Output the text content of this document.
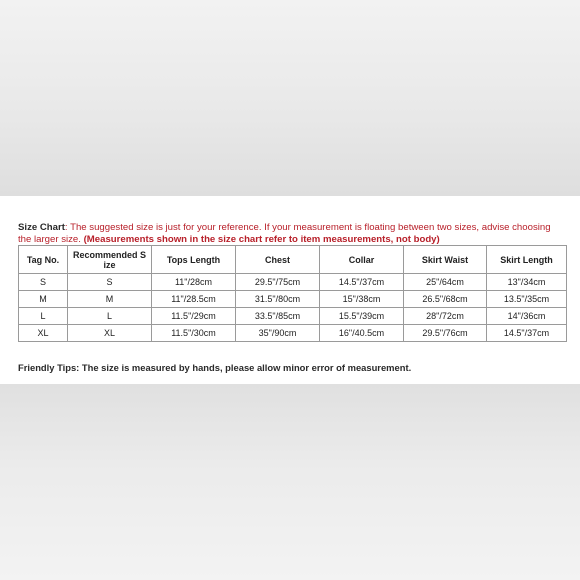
Size Chart: The suggested size is just for your reference. If your measurement is floating between two sizes, advise choosing the larger size. (Measurements shown in the size chart refer to item measurements, not body)
Tag No.	Recommended S ize	Tops Length	Chest	Collar	Skirt Waist	Skirt Length
S	S	11"/28cm	29.5"/75cm	14.5"/37cm	25"/64cm	13"/34cm
M	M	11"/28.5cm	31.5"/80cm	15"/38cm	26.5"/68cm	13.5"/35cm
L	L	11.5"/29cm	33.5"/85cm	15.5"/39cm	28"/72cm	14"/36cm
XL	XL	11.5"/30cm	35"/90cm	16"/40.5cm	29.5"/76cm	14.5"/37cm
Friendly Tips: The size is measured by hands, please allow minor error of measurement.
